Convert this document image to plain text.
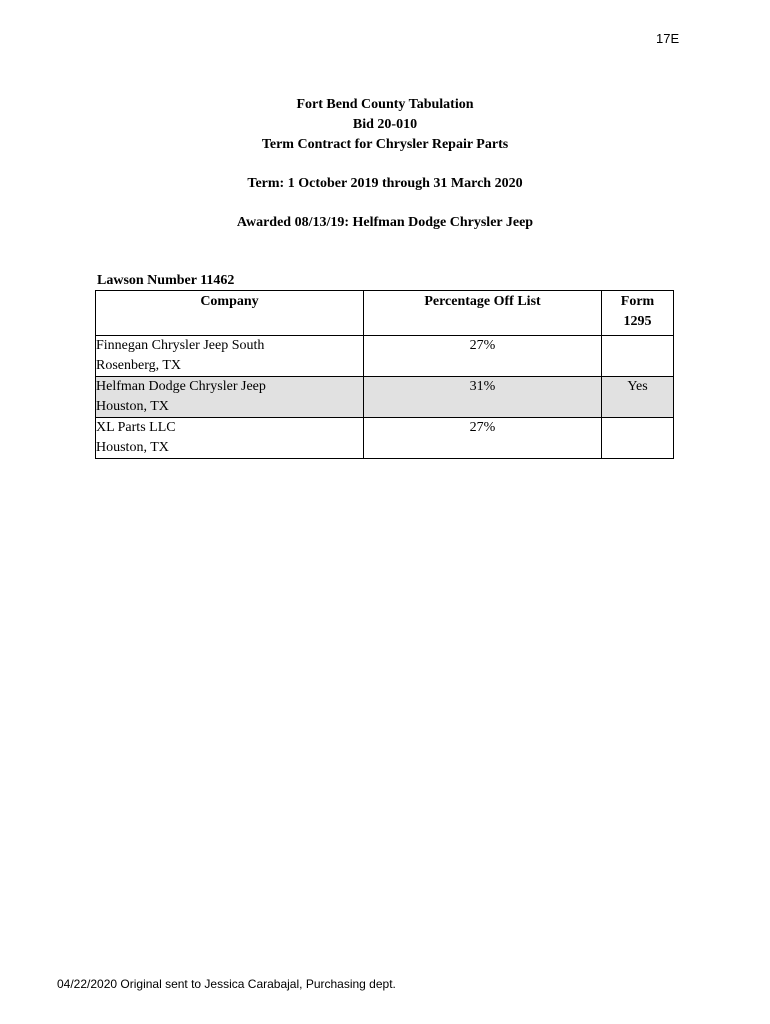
17E
Fort Bend County Tabulation
Bid 20-010
Term Contract for Chrysler Repair Parts
Term: 1 October 2019 through 31 March 2020
Awarded 08/13/19: Helfman Dodge Chrysler Jeep
Lawson Number 11462
Company	Percentage Off List	Form
1295

Finnegan Chrysler Jeep South
Rosenberg, TX	27%	

Helfman Dodge Chrysler Jeep
Houston, TX	31%	Yes

XL Parts LLC
Houston, TX	27%	
04/22/2020 Original sent to Jessica Carabajal, Purchasing dept.
